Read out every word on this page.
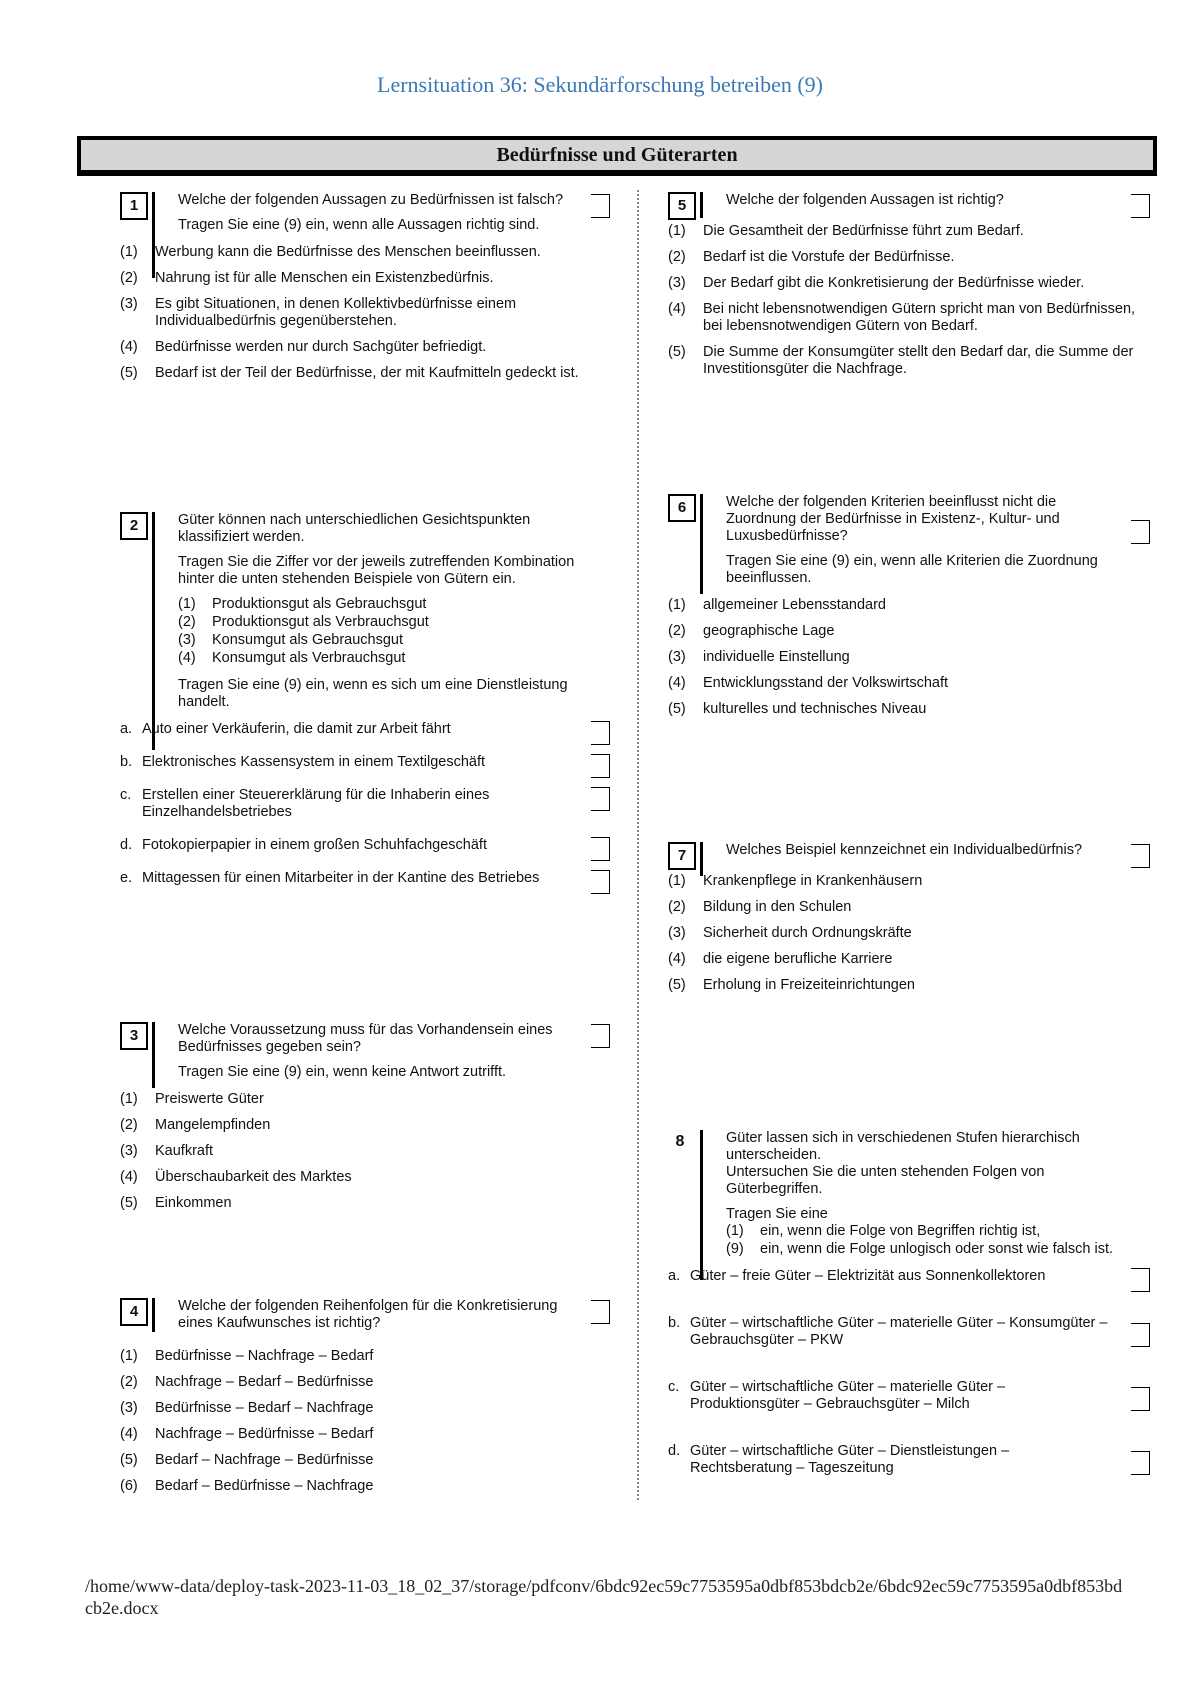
Lernsituation 36: Sekundärforschung betreiben (9)
Bedürfnisse und Güterarten
1	Welche der folgenden Aussagen zu Bedürfnissen ist falsch?

Tragen Sie eine (9) ein, wenn alle Aussagen richtig sind.

(1) Werbung kann die Bedürfnisse des Menschen beeinflussen.
(2) Nahrung ist für alle Menschen ein Existenzbedürfnis.
(3) Es gibt Situationen, in denen Kollektivbedürfnisse einem Individualbedürfnis gegenüberstehen.
(4) Bedürfnisse werden nur durch Sachgüter befriedigt.
(5) Bedarf ist der Teil der Bedürfnisse, der mit Kaufmitteln gedeckt ist.
2	Güter können nach unterschiedlichen Gesichtspunkten klassifiziert werden.

Tragen Sie die Ziffer vor der jeweils zutreffenden Kombination hinter die unten stehenden Beispiele von Gütern ein.

(1) Produktionsgut als Gebrauchsgut
(2) Produktionsgut als Verbrauchsgut
(3) Konsumgut als Gebrauchsgut
(4) Konsumgut als Verbrauchsgut

Tragen Sie eine (9) ein, wenn es sich um eine Dienstleistung handelt.

a. Auto einer Verkäuferin, die damit zur Arbeit fährt
b. Elektronisches Kassensystem in einem Textilgeschäft
c. Erstellen einer Steuererklärung für die Inhaberin eines Einzelhandelsbetriebes
d. Fotokopierpapier in einem großen Schuhfachgeschäft
e. Mittagessen für einen Mitarbeiter in der Kantine des Betriebes
3	Welche Voraussetzung muss für das Vorhandensein eines Bedürfnisses gegeben sein?

Tragen Sie eine (9) ein, wenn keine Antwort zutrifft.

(1) Preiswerte Güter
(2) Mangelempfinden
(3) Kaufkraft
(4) Überschaubarkeit des Marktes
(5) Einkommen
4	Welche der folgenden Reihenfolgen für die Konkretisierung eines Kaufwunsches ist richtig?

(1) Bedürfnisse – Nachfrage – Bedarf
(2) Nachfrage – Bedarf – Bedürfnisse
(3) Bedürfnisse – Bedarf – Nachfrage
(4) Nachfrage – Bedürfnisse – Bedarf
(5) Bedarf – Nachfrage – Bedürfnisse
(6) Bedarf – Bedürfnisse – Nachfrage
5	Welche der folgenden Aussagen ist richtig?

(1) Die Gesamtheit der Bedürfnisse führt zum Bedarf.
(2) Bedarf ist die Vorstufe der Bedürfnisse.
(3) Der Bedarf gibt die Konkretisierung der Bedürfnisse wieder.
(4) Bei nicht lebensnotwendigen Gütern spricht man von Bedürfnissen, bei lebensnotwendigen Gütern von Bedarf.
(5) Die Summe der Konsumgüter stellt den Bedarf dar, die Summe der Investitionsgüter die Nachfrage.
6	Welche der folgenden Kriterien beeinflusst nicht die Zuordnung der Bedürfnisse in Existenz-, Kultur- und Luxusbedürfnisse?

Tragen Sie eine (9) ein, wenn alle Kriterien die Zuordnung beeinflussen.

(1) allgemeiner Lebensstandard
(2) geographische Lage
(3) individuelle Einstellung
(4) Entwicklungsstand der Volkswirtschaft
(5) kulturelles und technisches Niveau
7	Welches Beispiel kennzeichnet ein Individualbedürfnis?

(1) Krankenpflege in Krankenhäusern
(2) Bildung in den Schulen
(3) Sicherheit durch Ordnungskräfte
(4) die eigene berufliche Karriere
(5) Erholung in Freizeiteinrichtungen
8	Güter lassen sich in verschiedenen Stufen hierarchisch unterscheiden.

Untersuchen Sie die unten stehenden Folgen von Güterbegriffen.

Tragen Sie eine

(1) ein, wenn die Folge von Begriffen richtig ist,
(9) ein, wenn die Folge unlogisch oder sonst wie falsch ist.
a. Güter – freie Güter – Elektrizität aus Sonnenkollektoren
b. Güter – wirtschaftliche Güter – materielle Güter – Konsumgüter – Gebrauchsgüter – PKW
c. Güter – wirtschaftliche Güter – materielle Güter – Produktionsgüter – Gebrauchsgüter – Milch
d. Güter – wirtschaftliche Güter – Dienstleistungen – Rechtsberatung – Tageszeitung
/home/www-data/deploy-task-2023-11-03_18_02_37/storage/pdfconv/6bdc92ec59c7753595a0dbf853bdcb2e/6bdc92ec59c7753595a0dbf853bdcb2e.docx
